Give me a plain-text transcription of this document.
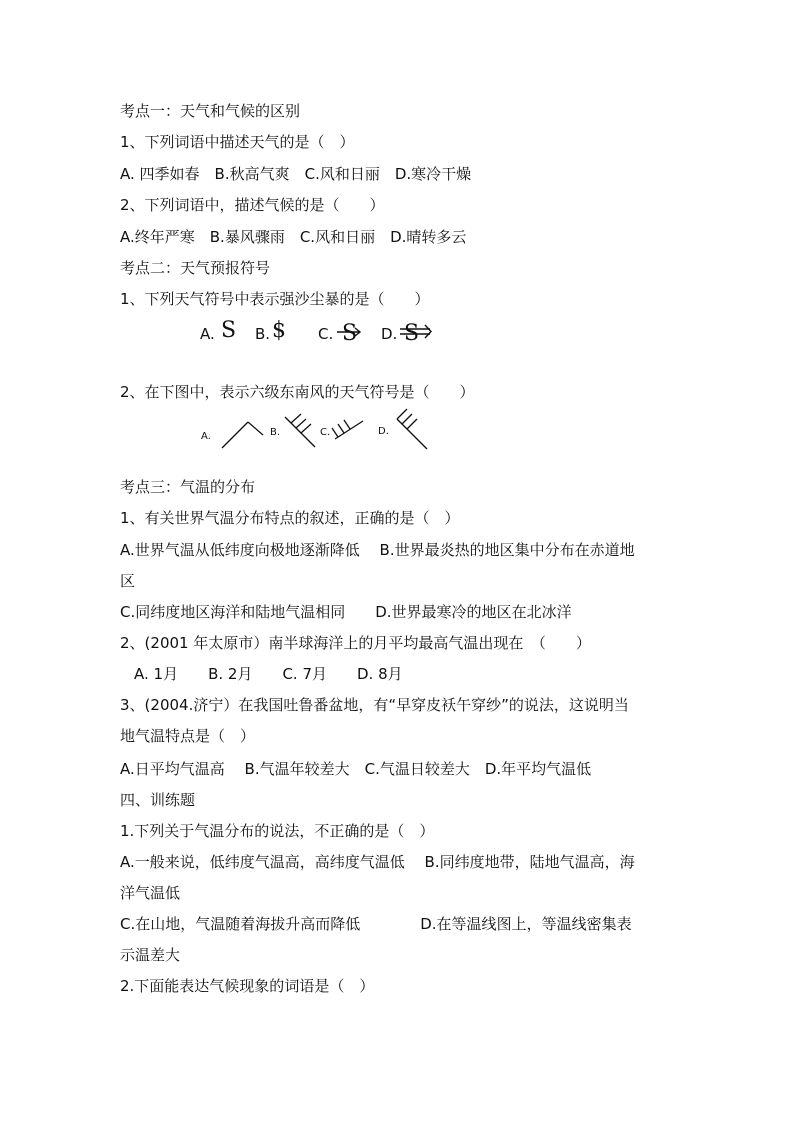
考点一：天气和气候的区别
1、下列词语中描述天气的是（　）
A. 四季如春　B.秋高气爽　C.风和日丽　D.寒冷干燥
2、下列词语中，描述气候的是（　　）
A.终年严寒　B.暴风骤雨　C.风和日丽　D.晴转多云
考点二：天气预报符号
1、下列天气符号中表示强沙尘暴的是（　　）
A. S B. $ C. S D. S
2、在下图中，表示六级东南风的天气符号是（　　）
A.	B.	C.	D.
考点三：气温的分布
1、有关世界气温分布特点的叙述，正确的是（　）
A.世界气温从低纬度向极地逐渐降低　 B.世界最炎热的地区集中分布在赤道地
区
C.同纬度地区海洋和陆地气温相同　　D.世界最寒冷的地区在北冰洋
2、(2001 年太原市）南半球海洋上的月平均最高气温出现在　（　　）
A. 1月　　B. 2月　　C. 7月　　D. 8月
3、(2004.济宁）在我国吐鲁番盆地，有“早穿皮袄午穿纱”的说法，这说明当
地气温特点是（　）
A.日平均气温高　 B.气温年较差大　C.气温日较差大　D.年平均气温低
四、训练题
1.下列关于气温分布的说法，不正确的是（　）
A.一般来说，低纬度气温高，高纬度气温低　 B.同纬度地带，陆地气温高，海
洋气温低
C.在山地，气温随着海拔升高而降低　　　　D.在等温线图上，等温线密集表
示温差大
2.下面能表达气候现象的词语是（　）
